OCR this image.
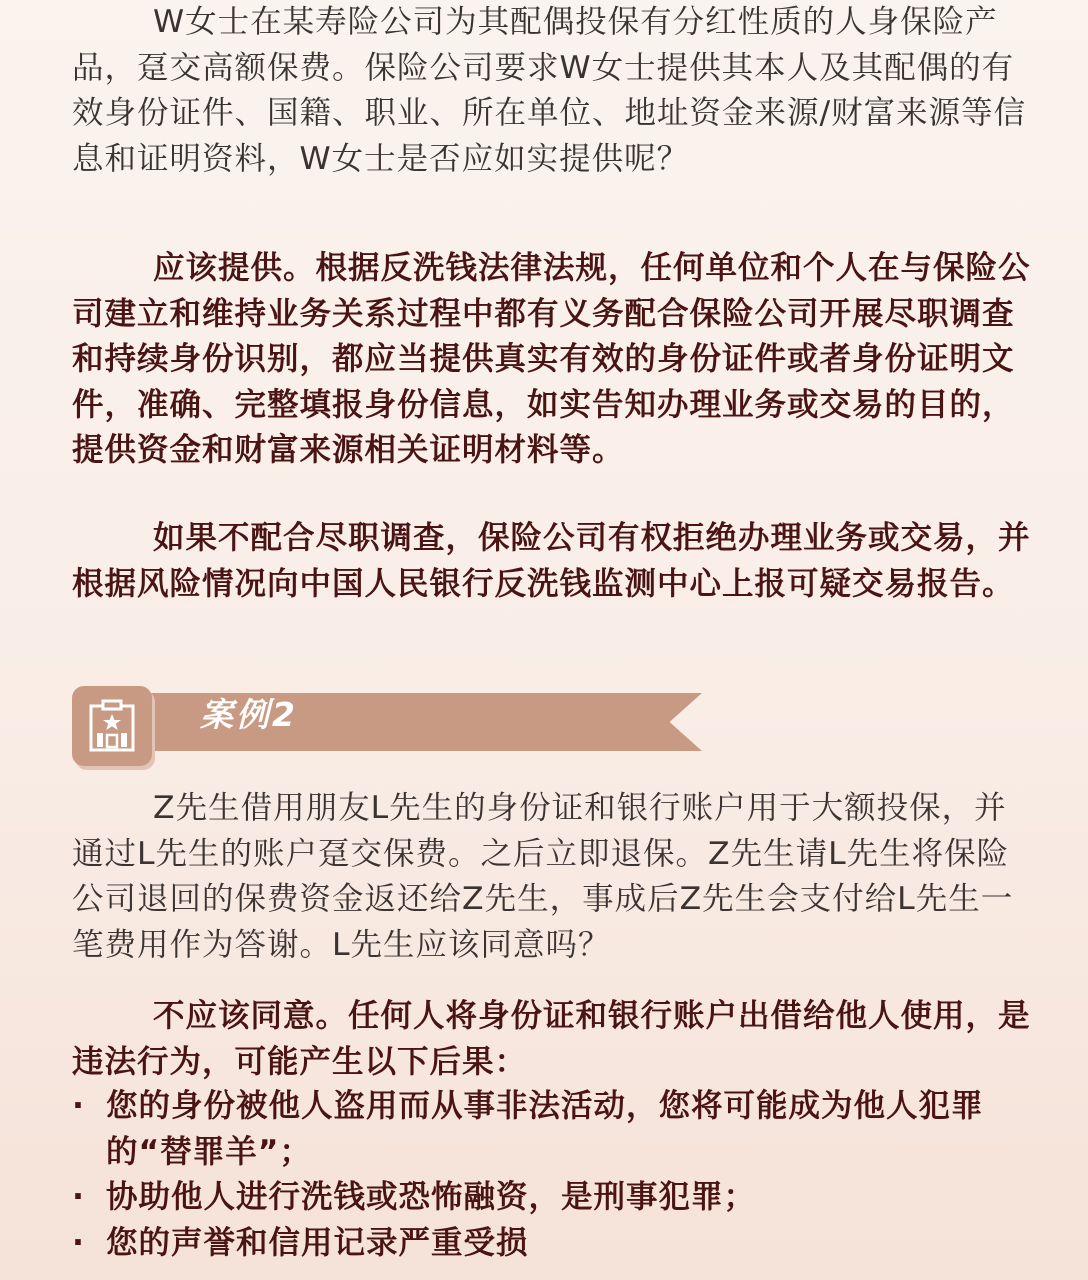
W女士在某寿险公司为其配偶投保有分红性质的人身保险产品，趸交高额保费。保险公司要求W女士提供其本人及其配偶的有效身份证件、国籍、职业、所在单位、地址资金来源/财富来源等信息和证明资料，W女士是否应如实提供呢？

应该提供。根据反洗钱法律法规，任何单位和个人在与保险公司建立和维持业务关系过程中都有义务配合保险公司开展尽职调查和持续身份识别，都应当提供真实有效的身份证件或者身份证明文件，准确、完整填报身份信息，如实告知办理业务或交易的目的，提供资金和财富来源相关证明材料等。

如果不配合尽职调查，保险公司有权拒绝办理业务或交易，并根据风险情况向中国人民银行反洗钱监测中心上报可疑交易报告。

案例2

Z先生借用朋友L先生的身份证和银行账户用于大额投保，并通过L先生的账户趸交保费。之后立即退保。Z先生请L先生将保险公司退回的保费资金返还给Z先生，事成后Z先生会支付给L先生一笔费用作为答谢。L先生应该同意吗？

不应该同意。任何人将身份证和银行账户出借给他人使用，是违法行为，可能产生以下后果：

· 您的身份被他人盗用而从事非法活动，您将可能成为他人犯罪的“替罪羊”；
· 协助他人进行洗钱或恐怖融资，是刑事犯罪；
· 您的声誉和信用记录严重受损
